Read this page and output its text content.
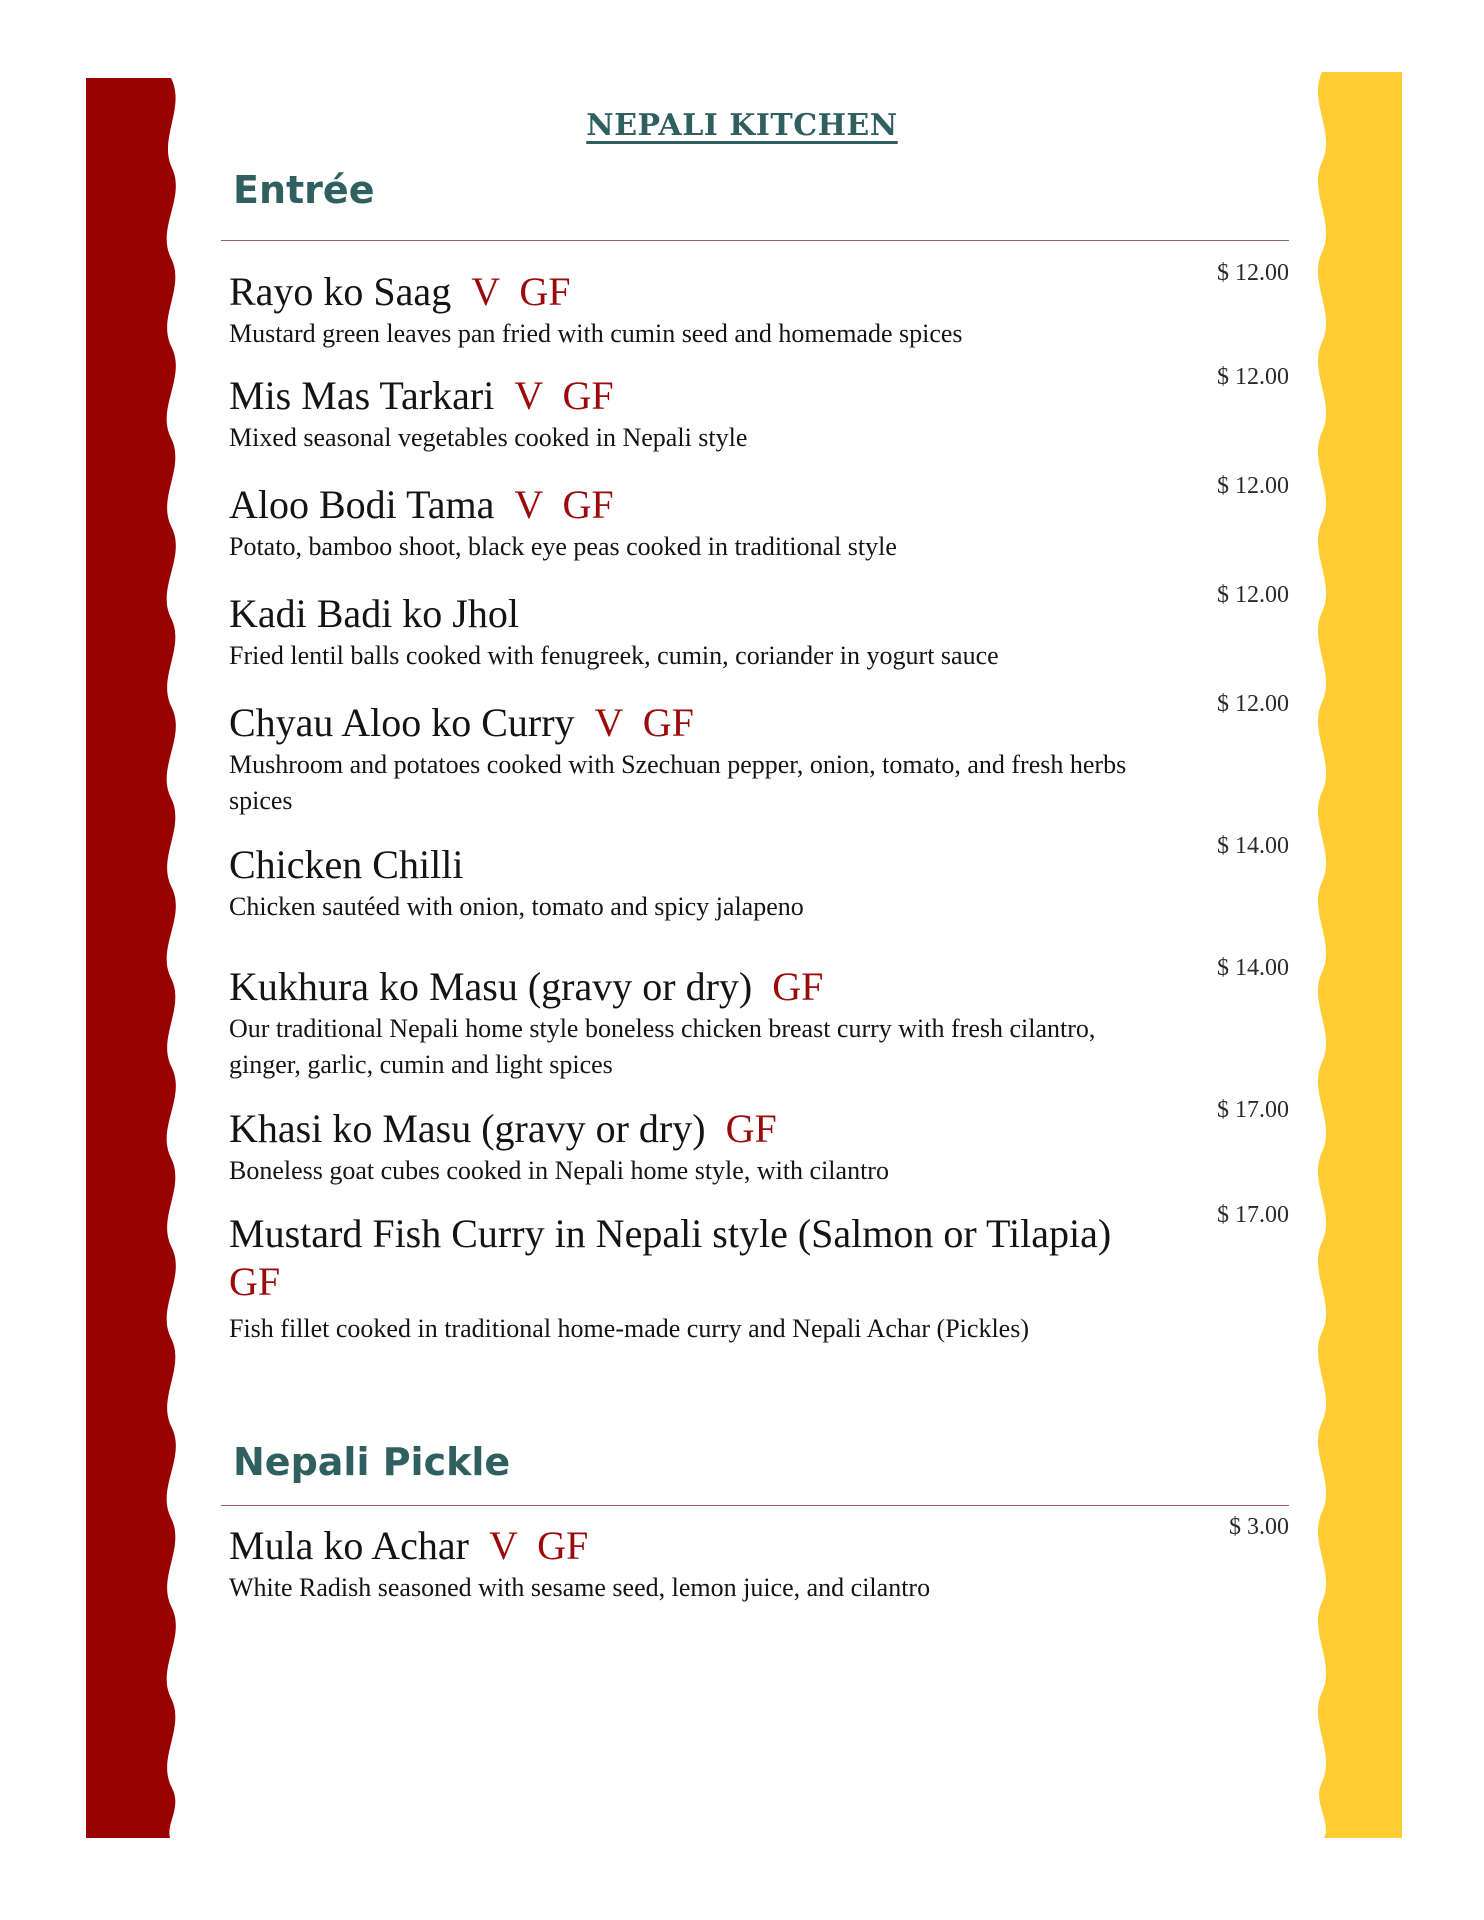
NEPALI KITCHEN
Entrée
Rayo ko Saag V  GF
Mustard green leaves pan fried with cumin seed and homemade spices
$ 12.00
Mis Mas Tarkari V  GF
Mixed seasonal vegetables cooked in Nepali style
$ 12.00
Aloo Bodi Tama V  GF
Potato, bamboo shoot, black eye peas cooked in traditional style
$ 12.00
Kadi Badi ko Jhol
Fried lentil balls cooked with fenugreek, cumin, coriander in yogurt sauce
$ 12.00
Chyau Aloo ko Curry V  GF
Mushroom and potatoes cooked with Szechuan pepper, onion, tomato, and fresh herbs spices
$ 12.00
Chicken Chilli
Chicken sautéed with onion, tomato and spicy jalapeno
$ 14.00
Kukhura ko Masu (gravy or dry) GF
Our traditional Nepali home style boneless chicken breast curry with fresh cilantro, ginger, garlic, cumin and light spices
$ 14.00
Khasi ko Masu (gravy or dry) GF
Boneless goat cubes cooked in Nepali home style, with cilantro
$ 17.00
Mustard Fish Curry in Nepali style (Salmon or Tilapia) GF
Fish fillet cooked in traditional home-made curry and Nepali Achar (Pickles)
$ 17.00
Nepali Pickle
Mula ko Achar V  GF
White Radish seasoned with sesame seed, lemon juice, and cilantro
$ 3.00
